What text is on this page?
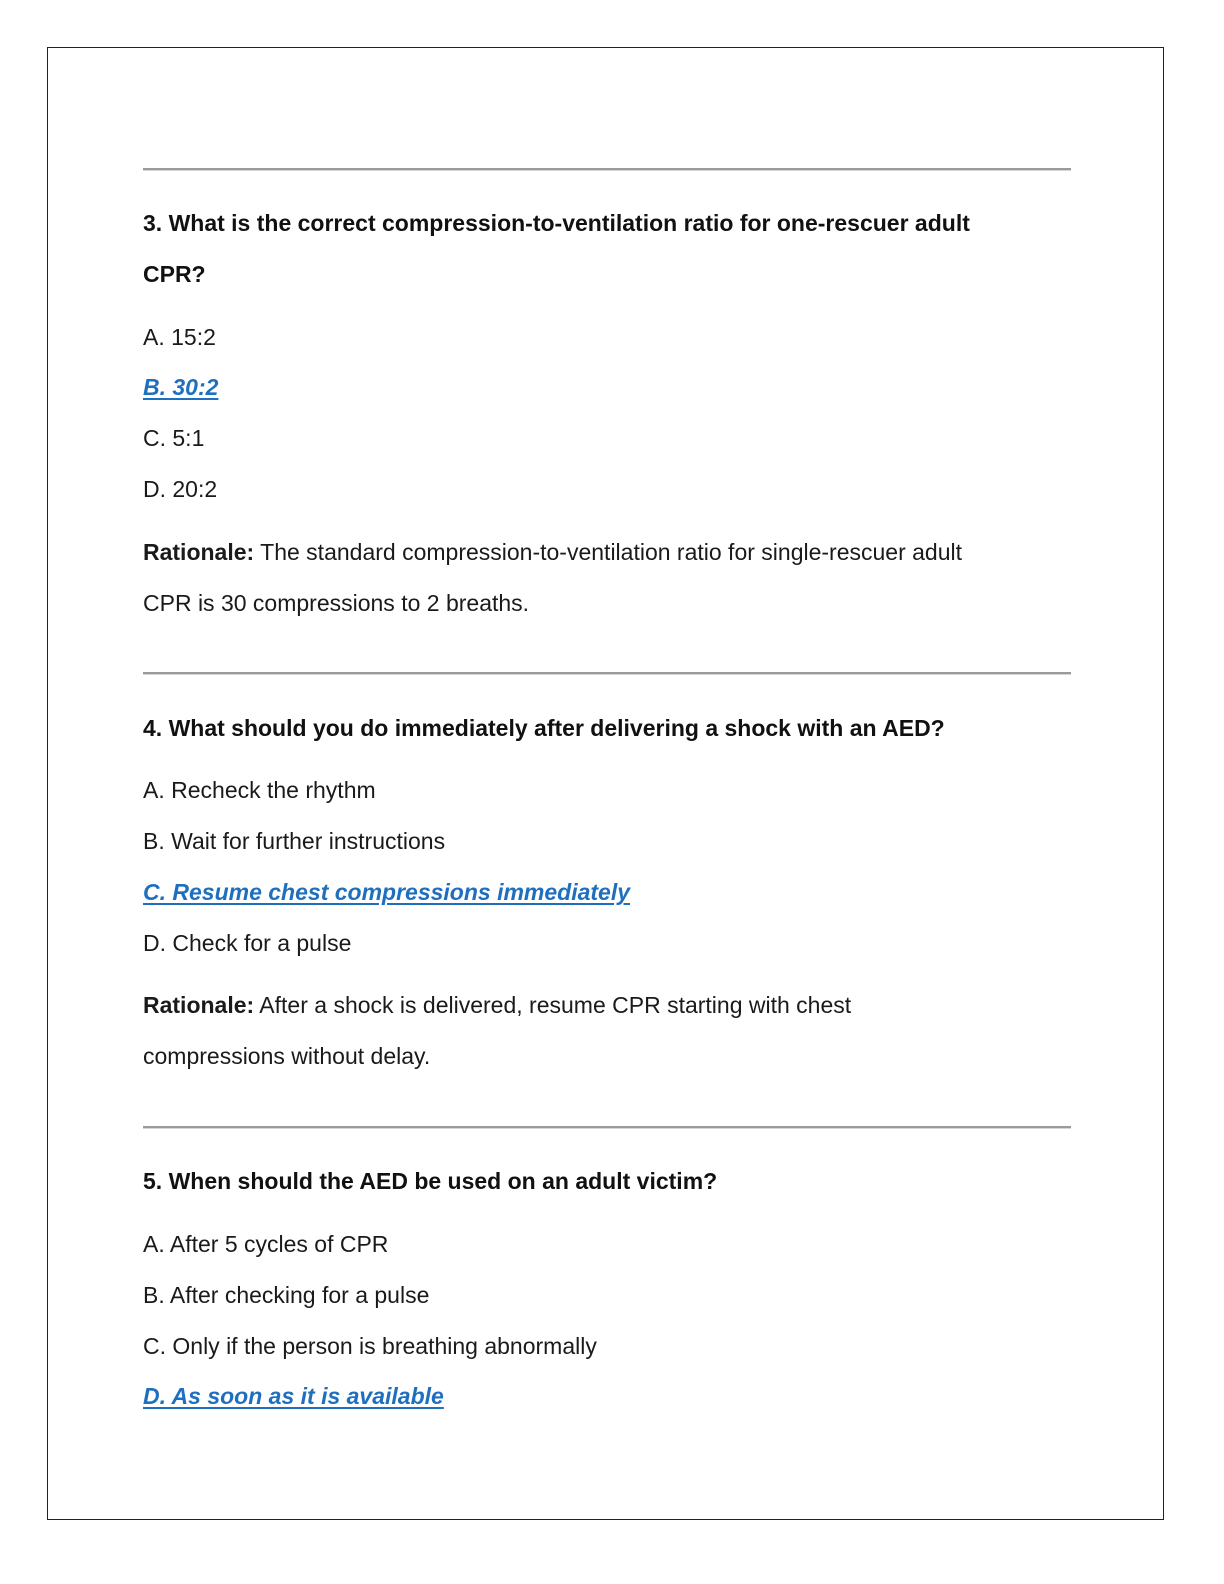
3. What is the correct compression-to-ventilation ratio for one-rescuer adult
CPR?
A. 15:2
B. 30:2
C. 5:1
D. 20:2
Rationale: The standard compression-to-ventilation ratio for single-rescuer adult
CPR is 30 compressions to 2 breaths.
4. What should you do immediately after delivering a shock with an AED?
A. Recheck the rhythm
B. Wait for further instructions
C. Resume chest compressions immediately
D. Check for a pulse
Rationale: After a shock is delivered, resume CPR starting with chest
compressions without delay.
5. When should the AED be used on an adult victim?
A. After 5 cycles of CPR
B. After checking for a pulse
C. Only if the person is breathing abnormally
D. As soon as it is available
